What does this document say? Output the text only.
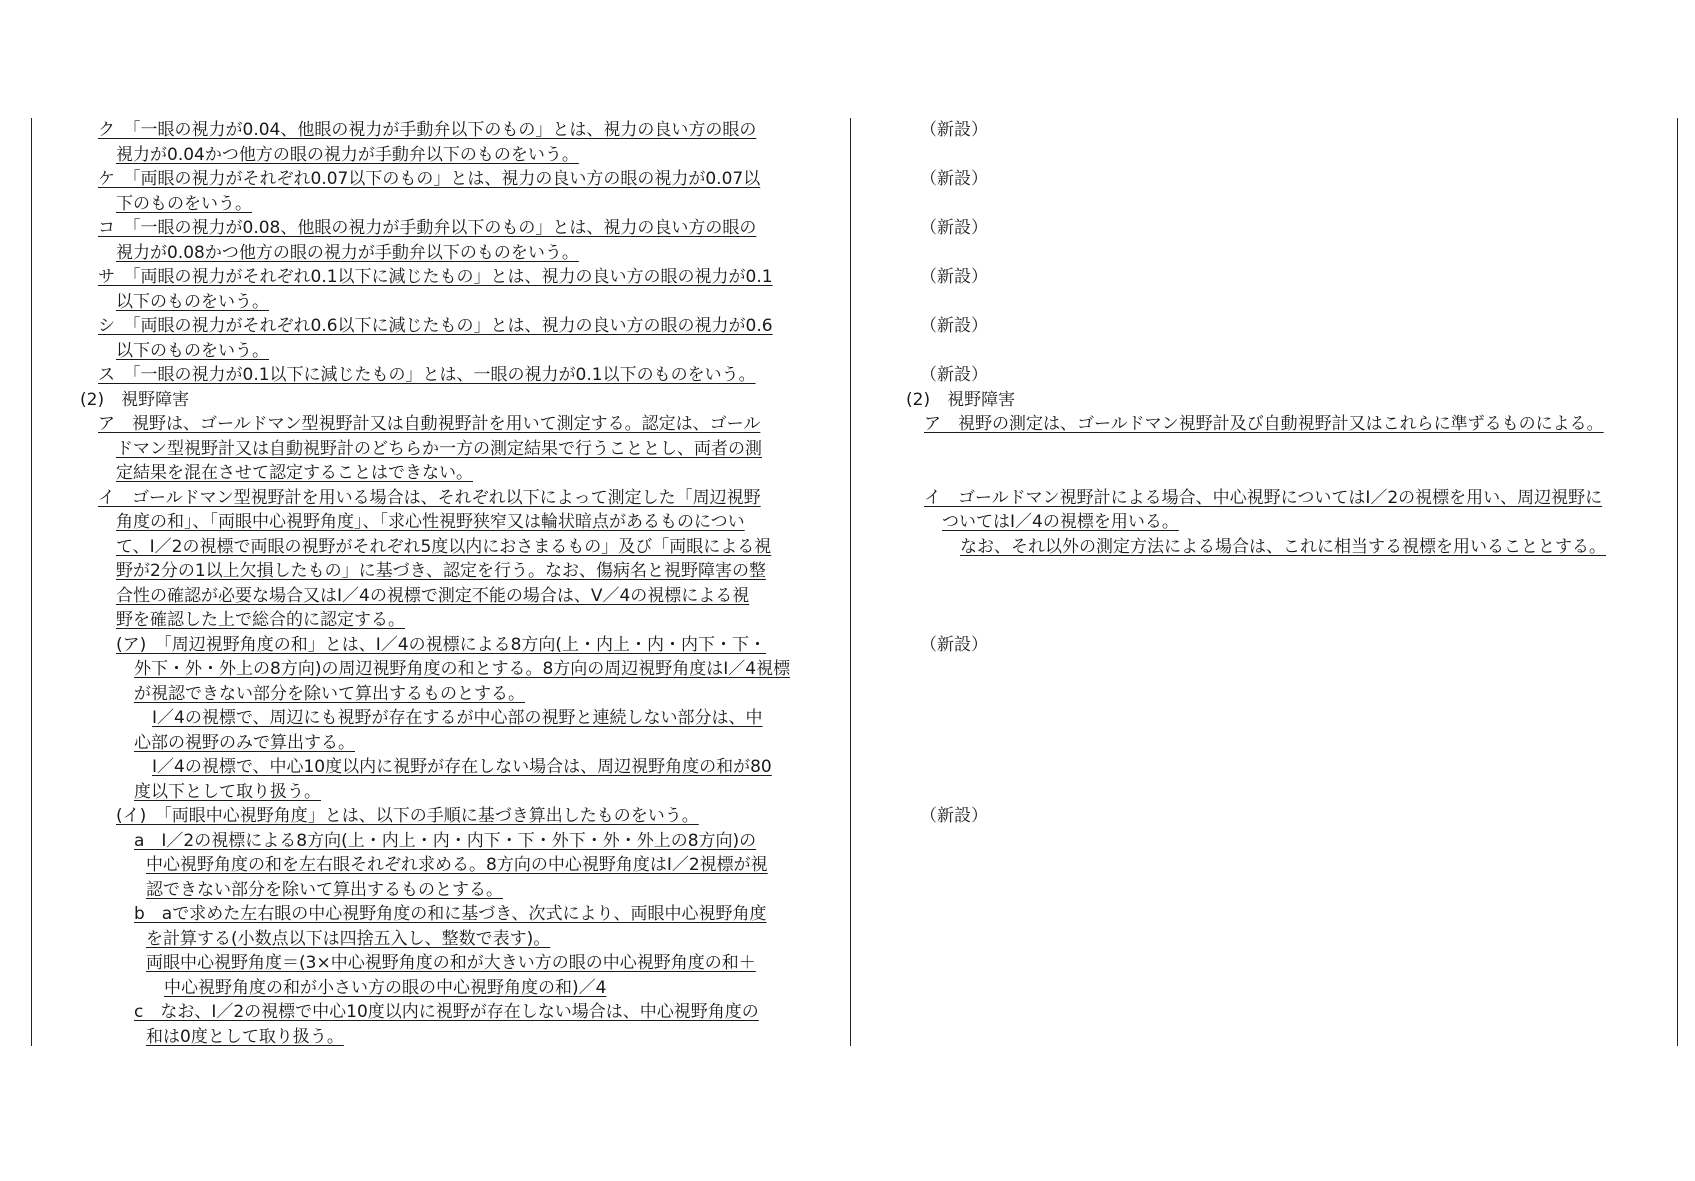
ク　「一眼の視力が0.04、他眼の視力が手動弁以下のもの」とは、視力の良い方の眼の
視力が0.04かつ他方の眼の視力が手動弁以下のものをいう。
ケ　「両眼の視力がそれぞれ0.07以下のもの」とは、視力の良い方の眼の視力が0.07以
下のものをいう。
コ　「一眼の視力が0.08、他眼の視力が手動弁以下のもの」とは、視力の良い方の眼の
視力が0.08かつ他方の眼の視力が手動弁以下のものをいう。
サ　「両眼の視力がそれぞれ0.1以下に減じたもの」とは、視力の良い方の眼の視力が0.1
以下のものをいう。
シ　「両眼の視力がそれぞれ0.6以下に減じたもの」とは、視力の良い方の眼の視力が0.6
以下のものをいう。
ス　「一眼の視力が0.1以下に減じたもの」とは、一眼の視力が0.1以下のものをいう。
(2)　視野障害
ア　視野は、ゴールドマン型視野計又は自動視野計を用いて測定する。認定は、ゴール
ドマン型視野計又は自動視野計のどちらか一方の測定結果で行うこととし、両者の測
定結果を混在させて認定することはできない。
イ　ゴールドマン型視野計を用いる場合は、それぞれ以下によって測定した「周辺視野
角度の和」、「両眼中心視野角度」、「求心性視野狭窄又は輪状暗点があるものについ
て、Ⅰ／2の視標で両眼の視野がそれぞれ5度以内におさまるもの」及び「両眼による視
野が2分の1以上欠損したもの」に基づき、認定を行う。なお、傷病名と視野障害の整
合性の確認が必要な場合又はⅠ／4の視標で測定不能の場合は、Ⅴ／4の視標による視
野を確認した上で総合的に認定する。
(ア)　「周辺視野角度の和」とは、Ⅰ／4の視標による8方向(上・内上・内・内下・下・
外下・外・外上の8方向)の周辺視野角度の和とする。8方向の周辺視野角度はⅠ／4視標
が視認できない部分を除いて算出するものとする。
Ⅰ／4の視標で、周辺にも視野が存在するが中心部の視野と連続しない部分は、中
心部の視野のみで算出する。
Ⅰ／4の視標で、中心10度以内に視野が存在しない場合は、周辺視野角度の和が80
度以下として取り扱う。
(イ)　「両眼中心視野角度」とは、以下の手順に基づき算出したものをいう。
a　Ⅰ／2の視標による8方向(上・内上・内・内下・下・外下・外・外上の8方向)の
中心視野角度の和を左右眼それぞれ求める。8方向の中心視野角度はⅠ／2視標が視
認できない部分を除いて算出するものとする。
b　aで求めた左右眼の中心視野角度の和に基づき、次式により、両眼中心視野角度
を計算する(小数点以下は四捨五入し、整数で表す)。
両眼中心視野角度＝(3×中心視野角度の和が大きい方の眼の中心視野角度の和＋
中心視野角度の和が小さい方の眼の中心視野角度の和)／4
c　なお、Ⅰ／2の視標で中心10度以内に視野が存在しない場合は、中心視野角度の
和は0度として取り扱う。
（新設）
（新設）
（新設）
（新設）
（新設）
（新設）
(2)　視野障害
ア　視野の測定は、ゴールドマン視野計及び自動視野計又はこれらに準ずるものによる。
イ　ゴールドマン視野計による場合、中心視野についてはⅠ／2の視標を用い、周辺視野に
ついてはⅠ／4の視標を用いる。
なお、それ以外の測定方法による場合は、これに相当する視標を用いることとする。
（新設）
（新設）
